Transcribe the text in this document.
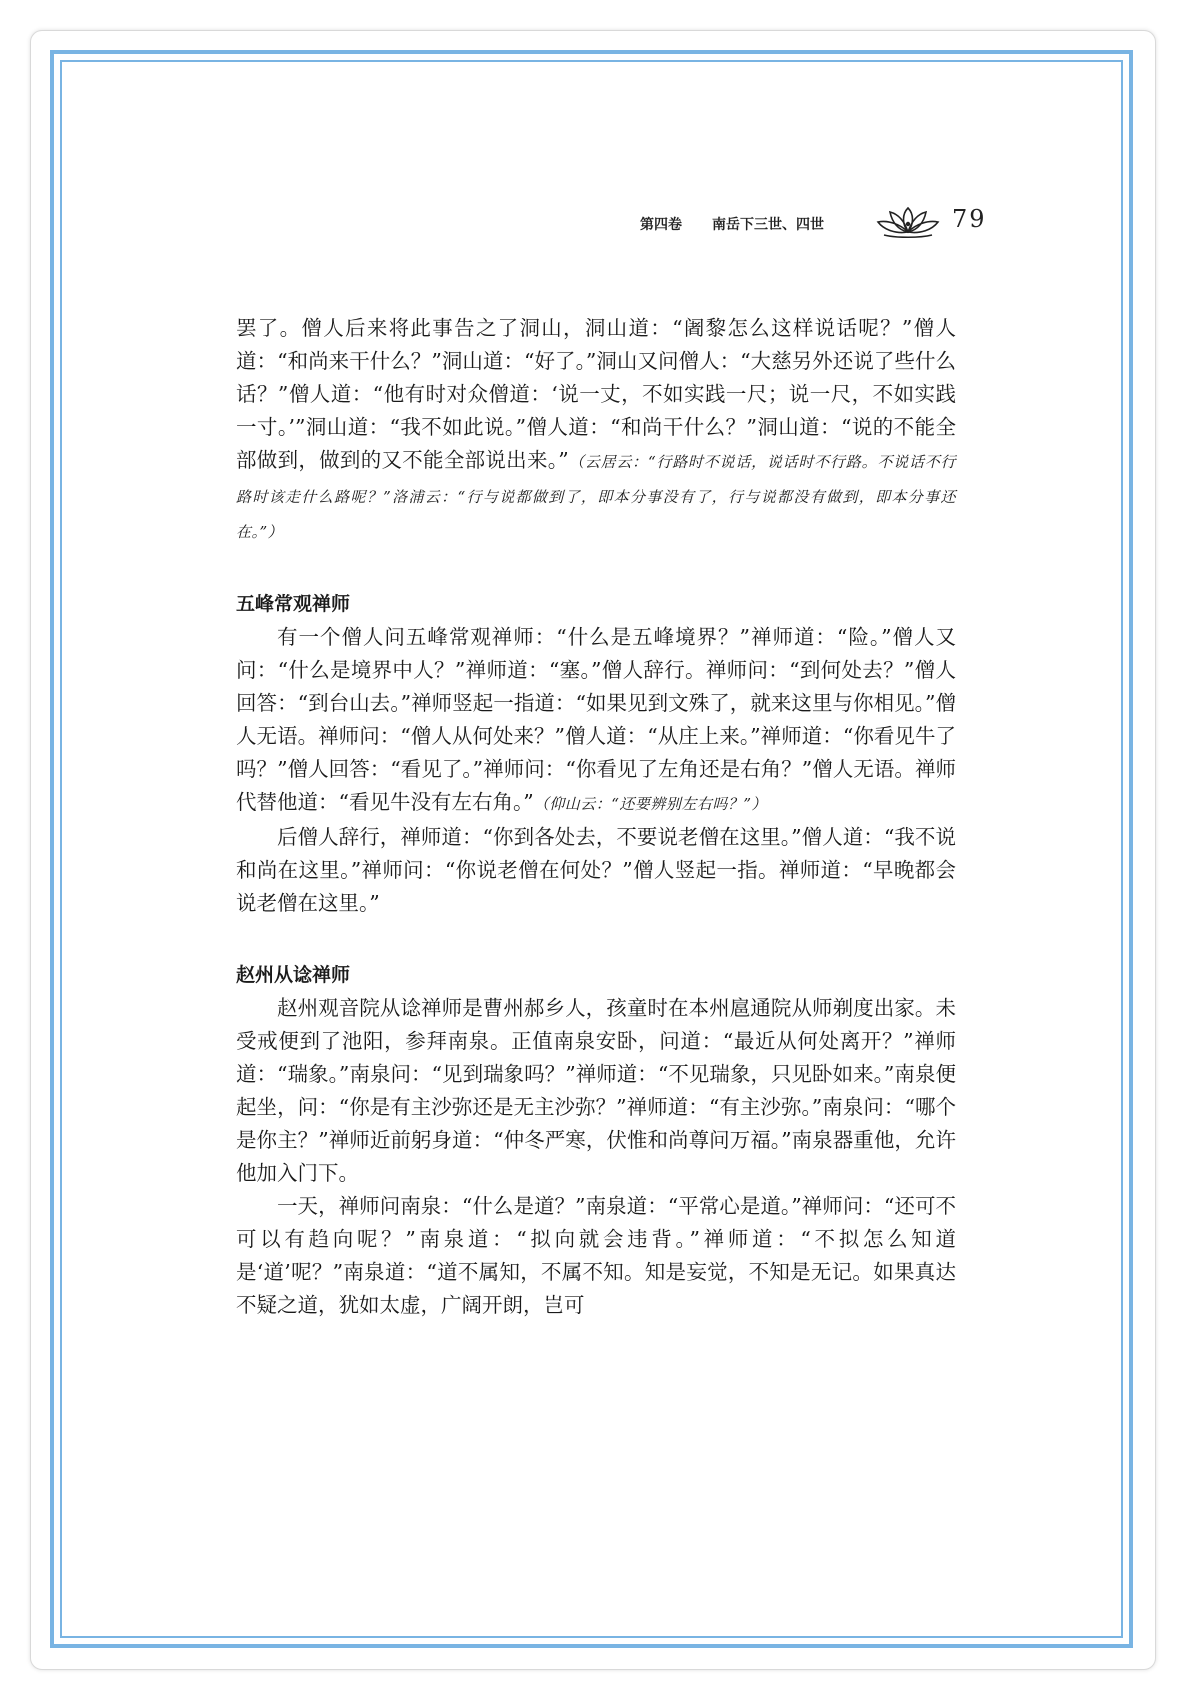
第四卷 南岳下三世、四世	79

罢了。僧人后来将此事告之了洞山，洞山道：“阇黎怎么这样说话呢？”僧人道：“和尚来干什么？”洞山道：“好了。”洞山又问僧人：“大慈另外还说了些什么话？”僧人道：“他有时对众僧道：‘说一丈，不如实践一尺；说一尺，不如实践一寸。’”洞山道：“我不如此说。”僧人道：“和尚干什么？”洞山道：“说的不能全部做到，做到的又不能全部说出来。”（云居云：“行路时不说话，说话时不行路。不说话不行路时该走什么路呢？”洛浦云：“行与说都做到了，即本分事没有了，行与说都没有做到，即本分事还在。”）

五峰常观禅师

有一个僧人问五峰常观禅师：“什么是五峰境界？”禅师道：“险。”僧人又问：“什么是境界中人？”禅师道：“塞。”僧人辞行。禅师问：“到何处去？”僧人回答：“到台山去。”禅师竖起一指道：“如果见到文殊了，就来这里与你相见。”僧人无语。禅师问：“僧人从何处来？”僧人道：“从庄上来。”禅师道：“你看见牛了吗？”僧人回答：“看见了。”禅师问：“你看见了左角还是右角？”僧人无语。禅师代替他道：“看见牛没有左右角。”（仰山云：“还要辨别左右吗？”）

后僧人辞行，禅师道：“你到各处去，不要说老僧在这里。”僧人道：“我不说和尚在这里。”禅师问：“你说老僧在何处？”僧人竖起一指。禅师道：“早晚都会说老僧在这里。”

赵州从谂禅师

赵州观音院从谂禅师是曹州郝乡人，孩童时在本州扈通院从师剃度出家。未受戒便到了池阳，参拜南泉。正值南泉安卧，问道：“最近从何处离开？”禅师道：“瑞象。”南泉问：“见到瑞象吗？”禅师道：“不见瑞象，只见卧如来。”南泉便起坐，问：“你是有主沙弥还是无主沙弥？”禅师道：“有主沙弥。”南泉问：“哪个是你主？”禅师近前躬身道：“仲冬严寒，伏惟和尚尊问万福。”南泉器重他，允许他加入门下。

一天，禅师问南泉：“什么是道？”南泉道：“平常心是道。”禅师问：“还可不可以有趋向呢？”南泉道：“拟向就会违背。”禅师道：“不拟怎么知道是‘道’呢？”南泉道：“道不属知，不属不知。知是妄觉，不知是无记。如果真达不疑之道，犹如太虚，广阔开朗，岂可
